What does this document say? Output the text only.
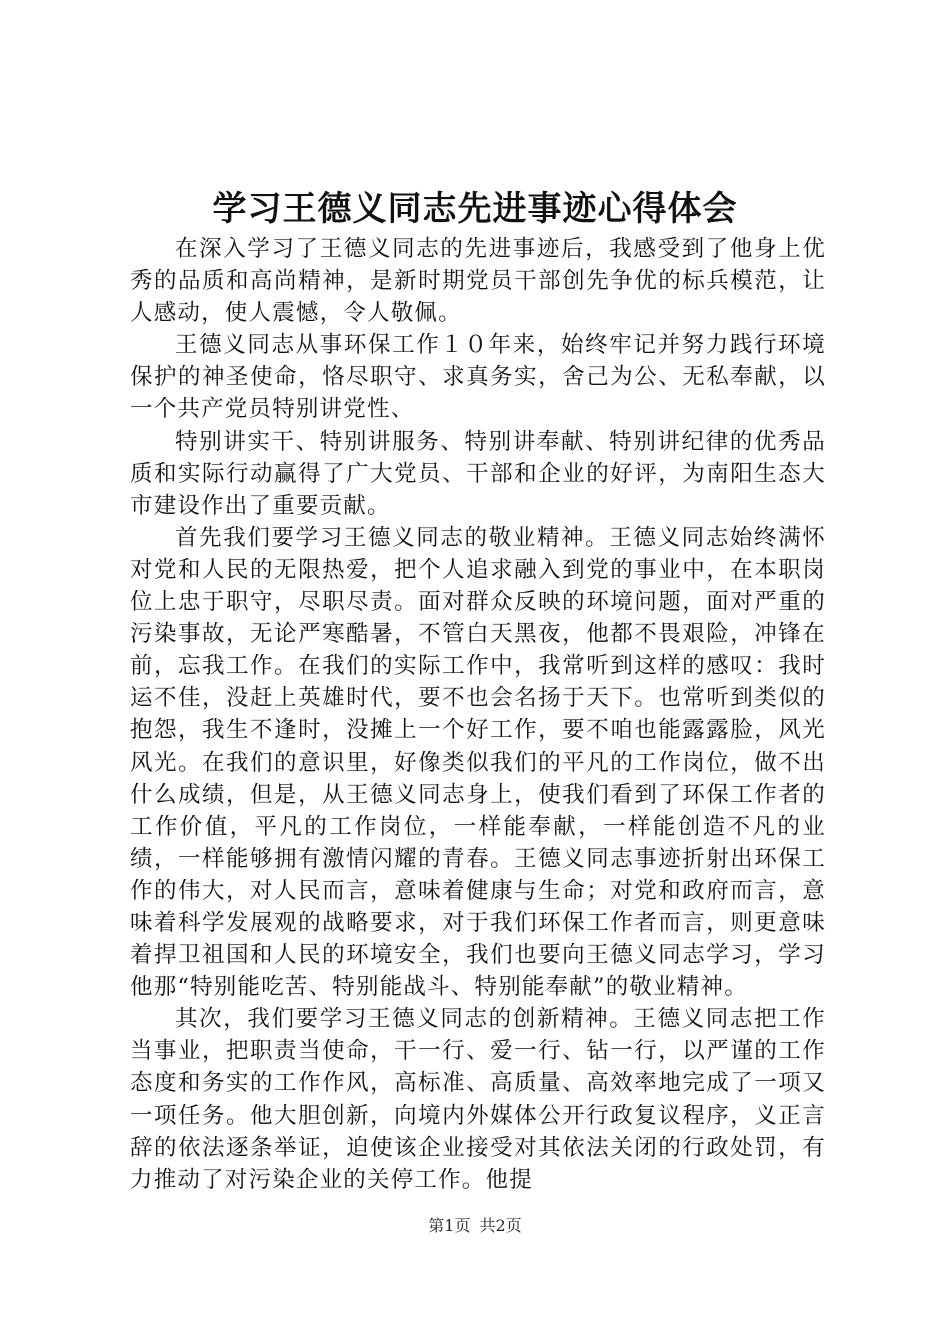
学习王德义同志先进事迹心得体会

在深入学习了王德义同志的先进事迹后，我感受到了他身上优秀的品质和高尚精神，是新时期党员干部创先争优的标兵模范，让人感动，使人震憾，令人敬佩。

王德义同志从事环保工作１０年来，始终牢记并努力践行环境保护的神圣使命，恪尽职守、求真务实，舍己为公、无私奉献，以一个共产党员特别讲党性、

特别讲实干、特别讲服务、特别讲奉献、特别讲纪律的优秀品质和实际行动赢得了广大党员、干部和企业的好评，为南阳生态大市建设作出了重要贡献。

首先我们要学习王德义同志的敬业精神。王德义同志始终满怀对党和人民的无限热爱，把个人追求融入到党的事业中，在本职岗位上忠于职守，尽职尽责。面对群众反映的环境问题，面对严重的污染事故，无论严寒酷暑，不管白天黑夜，他都不畏艰险，冲锋在前，忘我工作。在我们的实际工作中，我常听到这样的感叹：我时运不佳，没赶上英雄时代，要不也会名扬于天下。也常听到类似的抱怨，我生不逢时，没摊上一个好工作，要不咱也能露露脸，风光风光。在我们的意识里，好像类似我们的平凡的工作岗位，做不出什么成绩，但是，从王德义同志身上，使我们看到了环保工作者的工作价值，平凡的工作岗位，一样能奉献，一样能创造不凡的业绩，一样能够拥有激情闪耀的青春。王德义同志事迹折射出环保工作的伟大，对人民而言，意味着健康与生命；对党和政府而言，意味着科学发展观的战略要求，对于我们环保工作者而言，则更意味着捍卫祖国和人民的环境安全，我们也要向王德义同志学习，学习他那“特别能吃苦、特别能战斗、特别能奉献”的敬业精神。

其次，我们要学习王德义同志的创新精神。王德义同志把工作当事业，把职责当使命，干一行、爱一行、钻一行，以严谨的工作态度和务实的工作作风，高标准、高质量、高效率地完成了一项又一项任务。他大胆创新，向境内外媒体公开行政复议程序，义正言辞的依法逐条举证，迫使该企业接受对其依法关闭的行政处罚，有力推动了对污染企业的关停工作。他提

第1页 共2页
